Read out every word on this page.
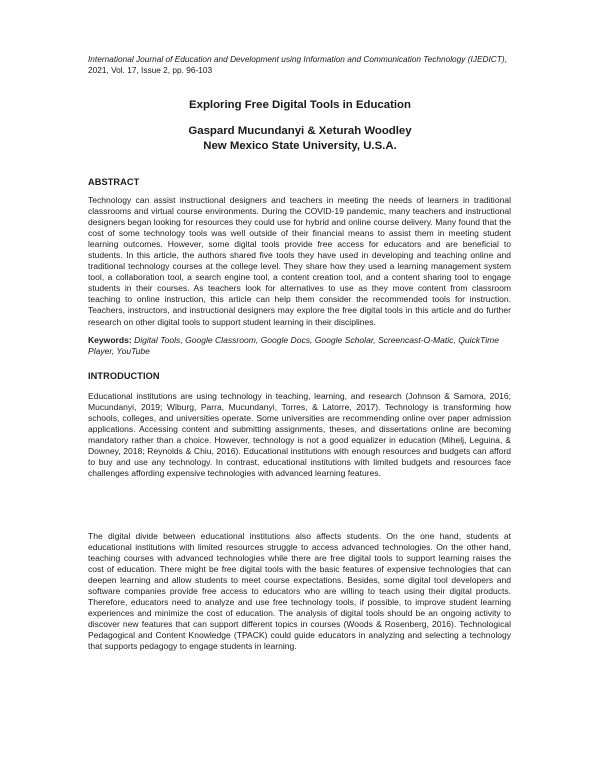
International Journal of Education and Development using Information and Communication Technology (IJEDICT), 2021, Vol. 17, Issue 2, pp. 96-103
Exploring Free Digital Tools in Education
Gaspard Mucundanyi & Xeturah Woodley
New Mexico State University, U.S.A.
ABSTRACT

Technology can assist instructional designers and teachers in meeting the needs of learners in traditional classrooms and virtual course environments. During the COVID-19 pandemic, many teachers and instructional designers began looking for resources they could use for hybrid and online course delivery. Many found that the cost of some technology tools was well outside of their financial means to assist them in meeting student learning outcomes. However, some digital tools provide free access for educators and are beneficial to students. In this article, the authors shared five tools they have used in developing and teaching online and traditional technology courses at the college level. They share how they used a learning management system tool, a collaboration tool, a search engine tool, a content creation tool, and a content sharing tool to engage students in their courses. As teachers look for alternatives to use as they move content from classroom teaching to online instruction, this article can help them consider the recommended tools for instruction. Teachers, instructors, and instructional designers may explore the free digital tools in this article and do further research on other digital tools to support student learning in their disciplines.

Keywords: Digital Tools, Google Classroom, Google Docs, Google Scholar, Screencast-O-Matic, QuickTime Player, YouTube
INTRODUCTION

Educational institutions are using technology in teaching, learning, and research (Johnson & Samora, 2016; Mucundanyi, 2019; Wiburg, Parra, Mucundanyi, Torres, & Latorre, 2017). Technology is transforming how schools, colleges, and universities operate. Some universities are recommending online over paper admission applications. Accessing content and submitting assignments, theses, and dissertations online are becoming mandatory rather than a choice. However, technology is not a good equalizer in education (Mihelj, Leguina, & Downey, 2018; Reynolds & Chiu, 2016). Educational institutions with enough resources and budgets can afford to buy and use any technology. In contrast, educational institutions with limited budgets and resources face challenges affording expensive technologies with advanced learning features.

The digital divide between educational institutions also affects students. On the one hand, students at educational institutions with limited resources struggle to access advanced technologies. On the other hand, teaching courses with advanced technologies while there are free digital tools to support learning raises the cost of education. There might be free digital tools with the basic features of expensive technologies that can deepen learning and allow students to meet course expectations. Besides, some digital tool developers and software companies provide free access to educators who are willing to teach using their digital products. Therefore, educators need to analyze and use free technology tools, if possible, to improve student learning experiences and minimize the cost of education. The analysis of digital tools should be an ongoing activity to discover new features that can support different topics in courses (Woods & Rosenberg, 2016). Technological Pedagogical and Content Knowledge (TPACK) could guide educators in analyzing and selecting a technology that supports pedagogy to engage students in learning.
